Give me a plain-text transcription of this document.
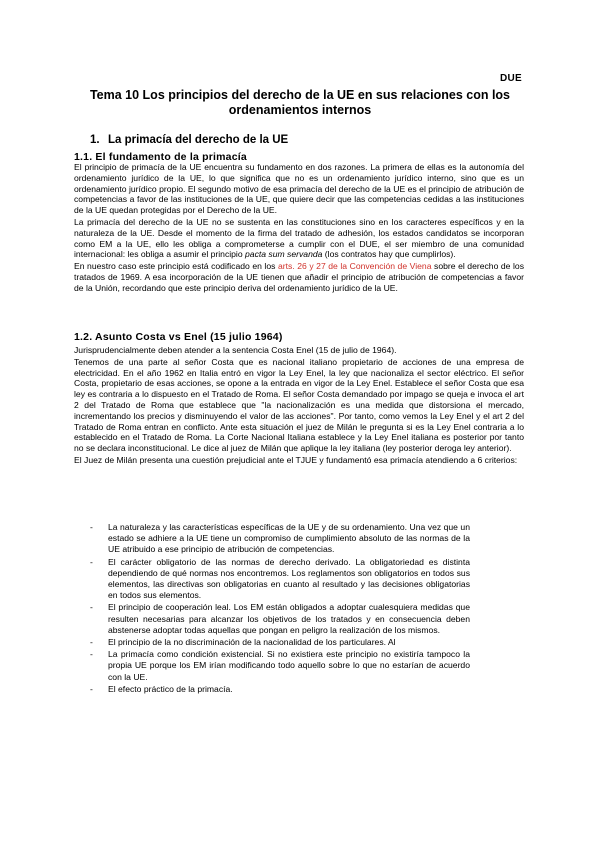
DUE
Tema 10 Los principios del derecho de la UE en sus relaciones con los ordenamientos internos
1. La primacía del derecho de la UE
1.1. El fundamento de la primacía

El principio de primacía de la UE encuentra su fundamento en dos razones. La primera de ellas es la autonomía del ordenamiento jurídico de la UE, lo que significa que no es un ordenamiento jurídico interno, sino que es un ordenamiento jurídico propio. El segundo motivo de esa primacía del derecho de la UE es el principio de atribución de competencias a favor de las instituciones de la UE, que quiere decir que las competencias cedidas a las instituciones de la UE quedan protegidas por el Derecho de la UE.

La primacía del derecho de la UE no se sustenta en las constituciones sino en los caracteres específicos y en la naturaleza de la UE. Desde el momento de la firma del tratado de adhesión, los estados candidatos se incorporan como EM a la UE, ello les obliga a comprometerse a cumplir con el DUE, el ser miembro de una comunidad internacional: les obliga a asumir el principio pacta sum servanda (los contratos hay que cumplirlos).

En nuestro caso este principio está codificado en los arts. 26 y 27 de la Convención de Viena sobre el derecho de los tratados de 1969. A esa incorporación de la UE tienen que añadir el principio de atribución de competencias a favor de la Unión, recordando que este principio deriva del ordenamiento jurídico de la UE.

1.2. Asunto Costa vs Enel (15 julio 1964)

Jurisprudencialmente deben atender a la sentencia Costa Enel (15 de julio de 1964).

Tenemos de una parte al señor Costa que es nacional italiano propietario de acciones de una empresa de electricidad. En el año 1962 en Italia entró en vigor la Ley Enel, la ley que nacionaliza el sector eléctrico. El señor Costa, propietario de esas acciones, se opone a la entrada en vigor de la Ley Enel. Establece el señor Costa que esa ley es contraria a lo dispuesto en el Tratado de Roma. El señor Costa demandado por impago se queja e invoca el art 2 del Tratado de Roma que establece que "la nacionalización es una medida que distorsiona el mercado, incrementando los precios y disminuyendo el valor de las acciones". Por tanto, como vemos la Ley Enel y el art 2 del Tratado de Roma entran en conflicto. Ante esta situación el juez de Milán le pregunta si es la Ley Enel contraria a lo establecido en el Tratado de Roma. La Corte Nacional Italiana establece y la Ley Enel italiana es posterior por tanto no se declara inconstitucional. Le dice al juez de Milán que aplique la ley italiana (ley posterior deroga ley anterior).

El Juez de Milán presenta una cuestión prejudicial ante el TJUE y fundamentó esa primacía atendiendo a 6 criterios:

- La naturaleza y las características específicas de la UE y de su ordenamiento. Una vez que un estado se adhiere a la UE tiene un compromiso de cumplimiento absoluto de las normas de la UE atribuido a ese principio de atribución de competencias.
- El carácter obligatorio de las normas de derecho derivado. La obligatoriedad es distinta dependiendo de qué normas nos encontremos. Los reglamentos son obligatorios en todos sus elementos, las directivas son obligatorias en cuanto al resultado y las decisiones obligatorias en todos sus elementos.
- El principio de cooperación leal. Los EM están obligados a adoptar cualesquiera medidas que resulten necesarias para alcanzar los objetivos de los tratados y en consecuencia deben abstenerse adoptar todas aquellas que pongan en peligro la realización de los mismos.
- El principio de la no discriminación de la nacionalidad de los particulares. Al
- La primacía como condición existencial. Si no existiera este principio no existiría tampoco la propia UE porque los EM irían modificando todo aquello sobre lo que no estarían de acuerdo con la UE.
- El efecto práctico de la primacía.
